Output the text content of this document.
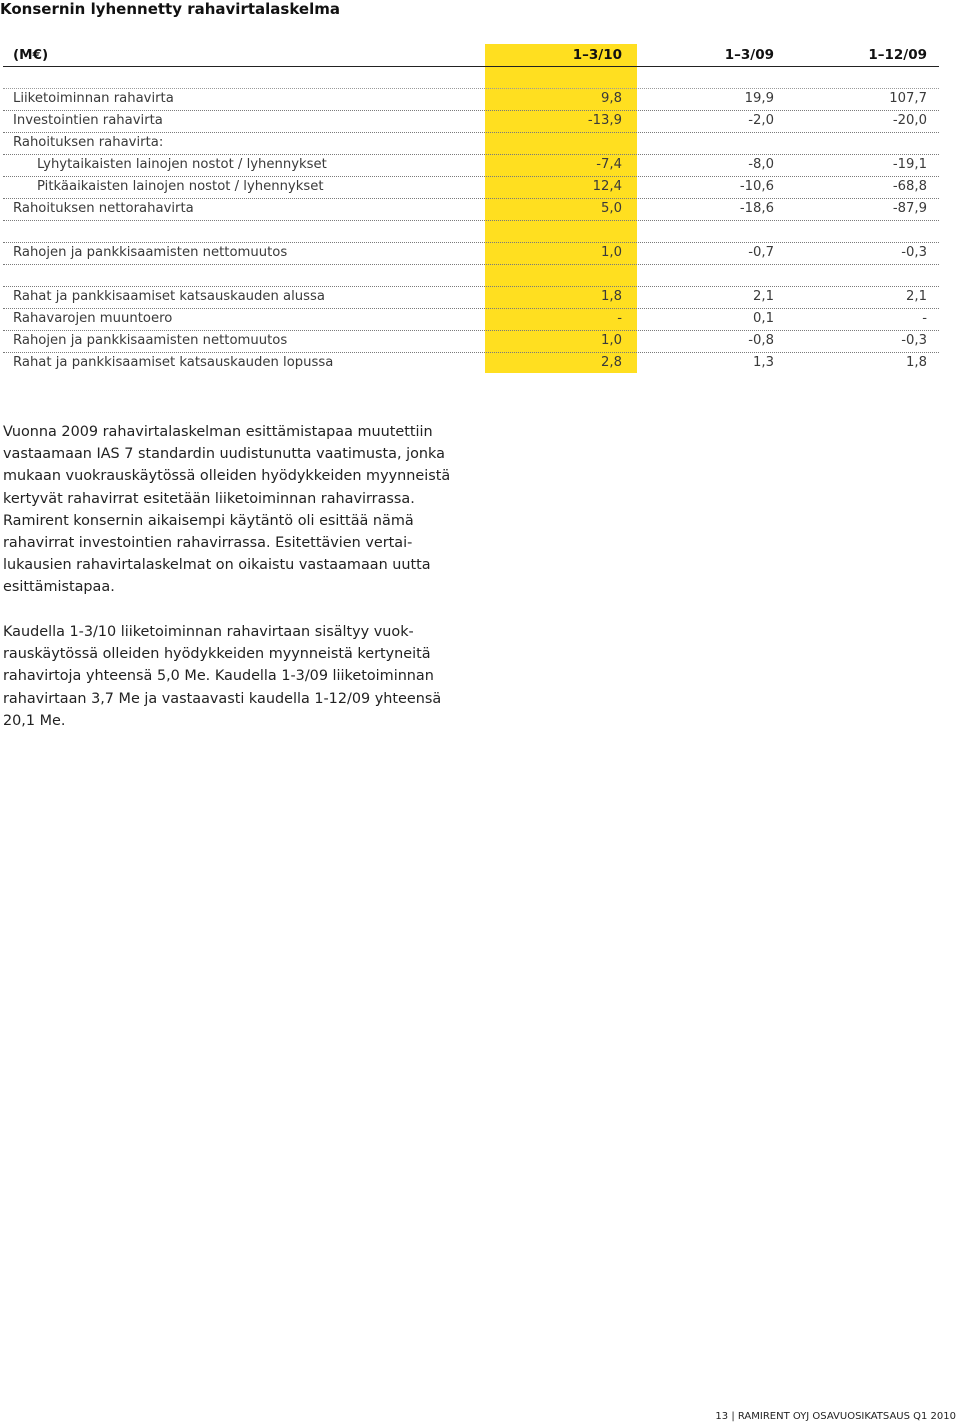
Konsernin lyhennetty rahavirtalaskelma
(M€)	1–3/10	1–3/09	1–12/09
Liiketoiminnan rahavirta	9,8	19,9	107,7
Investointien rahavirta	-13,9	-2,0	-20,0
Rahoituksen rahavirta:
Lyhytaikaisten lainojen nostot / lyhennykset	-7,4	-8,0	-19,1
Pitkäaikaisten lainojen nostot / lyhennykset	12,4	-10,6	-68,8
Rahoituksen nettorahavirta	5,0	-18,6	-87,9
Rahojen ja pankkisaamisten nettomuutos	1,0	-0,7	-0,3
Rahat ja pankkisaamiset katsauskauden alussa	1,8	2,1	2,1
Rahavarojen muuntoero	-	0,1	-
Rahojen ja pankkisaamisten nettomuutos	1,0	-0,8	-0,3
Rahat ja pankkisaamiset katsauskauden lopussa	2,8	1,3	1,8

Vuonna 2009 rahavirtalaskelman esittämistapaa muutettiin

vastaamaan IAS 7 standardin uudistunutta vaatimusta, jonka

mukaan vuokrauskäytössä olleiden hyödykkeiden myynneistä

kertyvät rahavirrat esitetään liiketoiminnan rahavirrassa.

Ramirent konsernin aikaisempi käytäntö oli esittää nämä

rahavirrat investointien rahavirrassa. Esitettävien vertai-

lukausien rahavirtalaskelmat on oikaistu vastaamaan uutta

esittämistapaa.

Kaudella 1-3/10 liiketoiminnan rahavirtaan sisältyy vuok-

rauskäytössä olleiden hyödykkeiden myynneistä kertyneitä

rahavirtoja yhteensä 5,0 Me. Kaudella 1-3/09 liiketoiminnan

rahavirtaan 3,7 Me ja vastaavasti kaudella 1-12/09 yhteensä

20,1 Me.

13 | RAMIRENT OYJ OSAVUOSIKATSAUS Q1 2010
